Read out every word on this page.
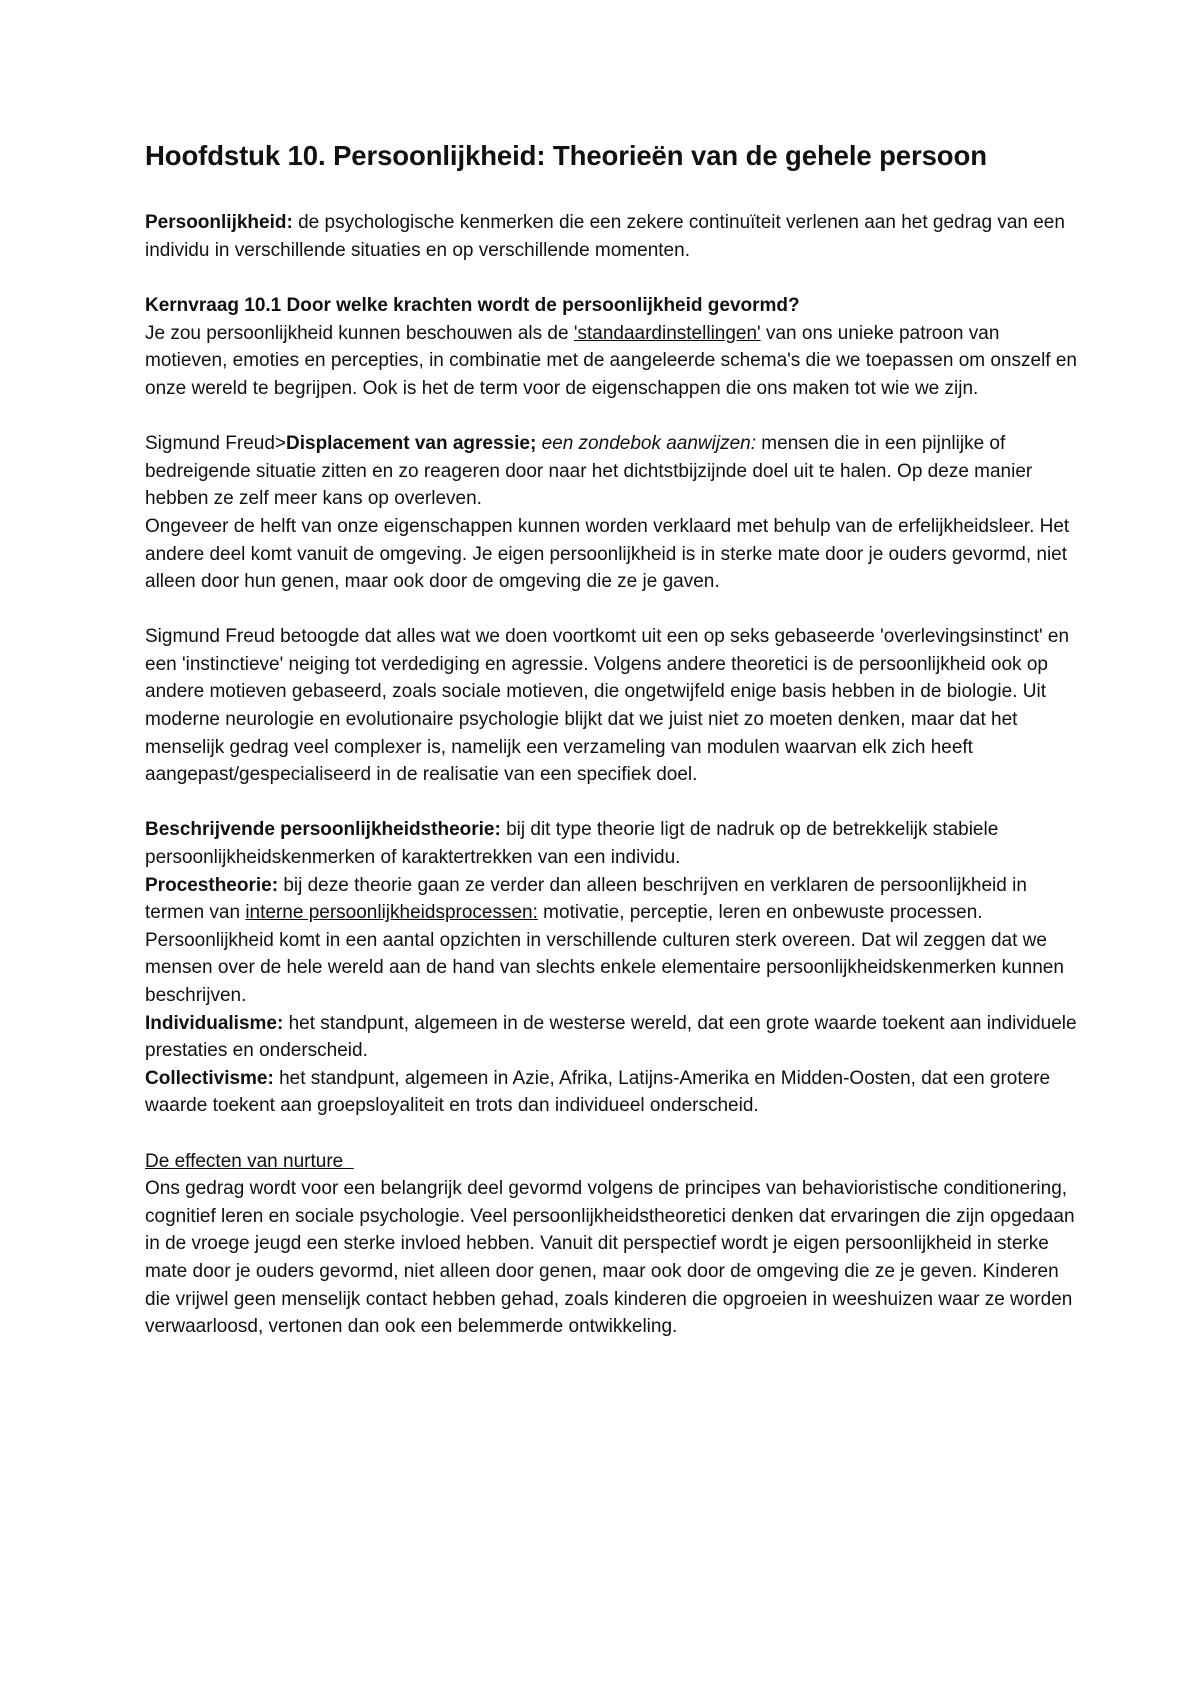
Hoofdstuk 10. Persoonlijkheid: Theorieën van de gehele persoon

Persoonlijkheid: de psychologische kenmerken die een zekere continuïteit verlenen aan het gedrag van een individu in verschillende situaties en op verschillende momenten.

Kernvraag 10.1 Door welke krachten wordt de persoonlijkheid gevormd?

Je zou persoonlijkheid kunnen beschouwen als de 'standaardinstellingen' van ons unieke patroon van motieven, emoties en percepties, in combinatie met de aangeleerde schema's die we toepassen om onszelf en onze wereld te begrijpen. Ook is het de term voor de eigenschappen die ons maken tot wie we zijn.

Sigmund Freud>Displacement van agressie; een zondebok aanwijzen: mensen die in een pijnlijke of bedreigende situatie zitten en zo reageren door naar het dichtstbijzijnde doel uit te halen. Op deze manier hebben ze zelf meer kans op overleven.

Ongeveer de helft van onze eigenschappen kunnen worden verklaard met behulp van de erfelijkheidsleer. Het andere deel komt vanuit de omgeving. Je eigen persoonlijkheid is in sterke mate door je ouders gevormd, niet alleen door hun genen, maar ook door de omgeving die ze je gaven.

Sigmund Freud betoogde dat alles wat we doen voortkomt uit een op seks gebaseerde 'overlevingsinstinct' en een 'instinctieve' neiging tot verdediging en agressie. Volgens andere theoretici is de persoonlijkheid ook op andere motieven gebaseerd, zoals sociale motieven, die ongetwijfeld enige basis hebben in de biologie. Uit moderne neurologie en evolutionaire psychologie blijkt dat we juist niet zo moeten denken, maar dat het menselijk gedrag veel complexer is, namelijk een verzameling van modulen waarvan elk zich heeft aangepast/gespecialiseerd in de realisatie van een specifiek doel.

Beschrijvende persoonlijkheidstheorie: bij dit type theorie ligt de nadruk op de betrekkelijk stabiele persoonlijkheidskenmerken of karaktertrekken van een individu.

Procestheorie: bij deze theorie gaan ze verder dan alleen beschrijven en verklaren de persoonlijkheid in termen van interne persoonlijkheidsprocessen: motivatie, perceptie, leren en onbewuste processen.

Persoonlijkheid komt in een aantal opzichten in verschillende culturen sterk overeen. Dat wil zeggen dat we mensen over de hele wereld aan de hand van slechts enkele elementaire persoonlijkheidskenmerken kunnen beschrijven.

Individualisme: het standpunt, algemeen in de westerse wereld, dat een grote waarde toekent aan individuele prestaties en onderscheid.

Collectivisme: het standpunt, algemeen in Azie, Afrika, Latijns-Amerika en Midden-Oosten, dat een grotere waarde toekent aan groepsloyaliteit en trots dan individueel onderscheid.

De effecten van nurture

Ons gedrag wordt voor een belangrijk deel gevormd volgens de principes van behavioristische conditionering, cognitief leren en sociale psychologie. Veel persoonlijkheidstheoretici denken dat ervaringen die zijn opgedaan in de vroege jeugd een sterke invloed hebben. Vanuit dit perspectief wordt je eigen persoonlijkheid in sterke mate door je ouders gevormd, niet alleen door genen, maar ook door de omgeving die ze je geven. Kinderen die vrijwel geen menselijk contact hebben gehad, zoals kinderen die opgroeien in weeshuizen waar ze worden verwaarloosd, vertonen dan ook een belemmerde ontwikkeling.
